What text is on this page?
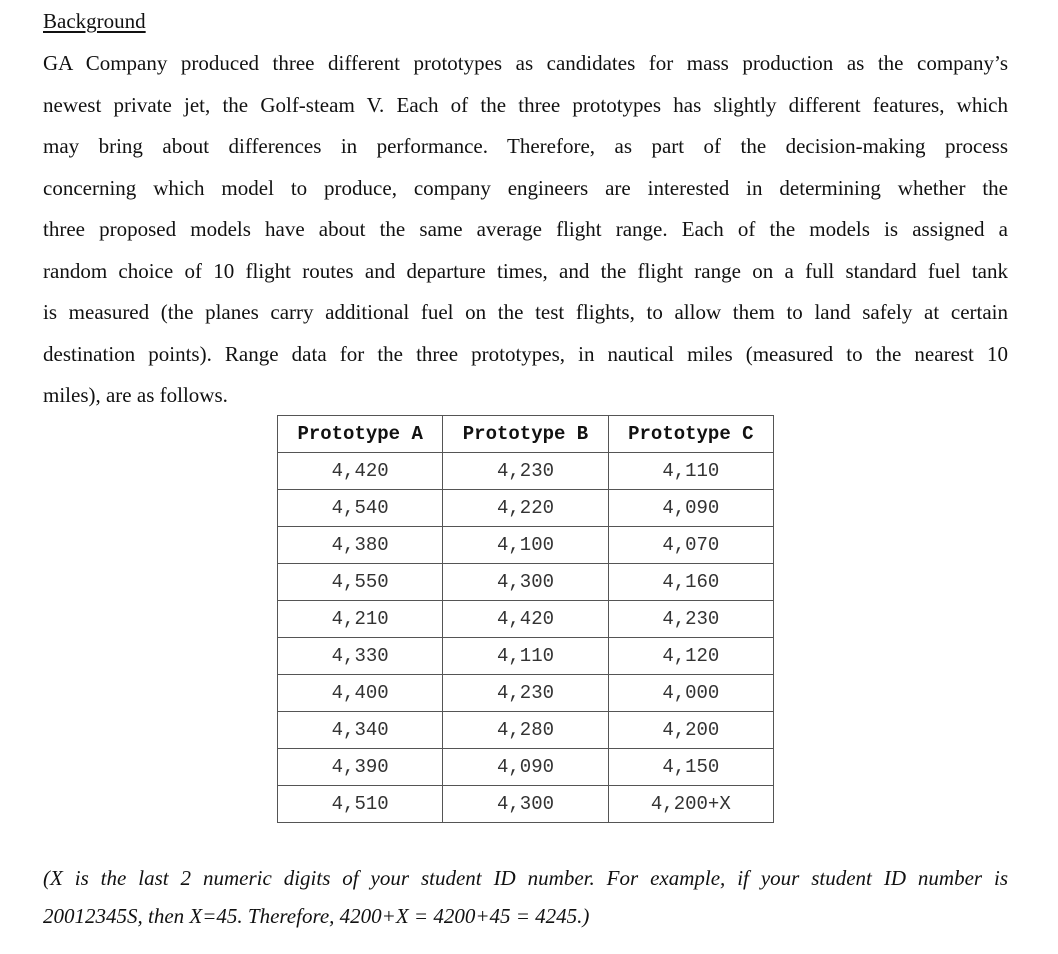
Background
GA Company produced three different prototypes as candidates for mass production as the company’s
newest private jet, the Golf-steam V. Each of the three prototypes has slightly different features, which
may bring about differences in performance. Therefore, as part of the decision-making process
concerning which model to produce, company engineers are interested in determining whether the
three proposed models have about the same average flight range. Each of the models is assigned a
random choice of 10 flight routes and departure times, and the flight range on a full standard fuel tank
is measured (the planes carry additional fuel on the test flights, to allow them to land safely at certain
destination points). Range data for the three prototypes, in nautical miles (measured to the nearest 10
miles), are as follows.
Prototype A	Prototype B	Prototype C
4,420	4,230	4,110
4,540	4,220	4,090
4,380	4,100	4,070
4,550	4,300	4,160
4,210	4,420	4,230
4,330	4,110	4,120
4,400	4,230	4,000
4,340	4,280	4,200
4,390	4,090	4,150
4,510	4,300	4,200+X
(X is the last 2 numeric digits of your student ID number. For example, if your student ID number is
20012345S, then X=45. Therefore, 4200+X = 4200+45 = 4245.)
